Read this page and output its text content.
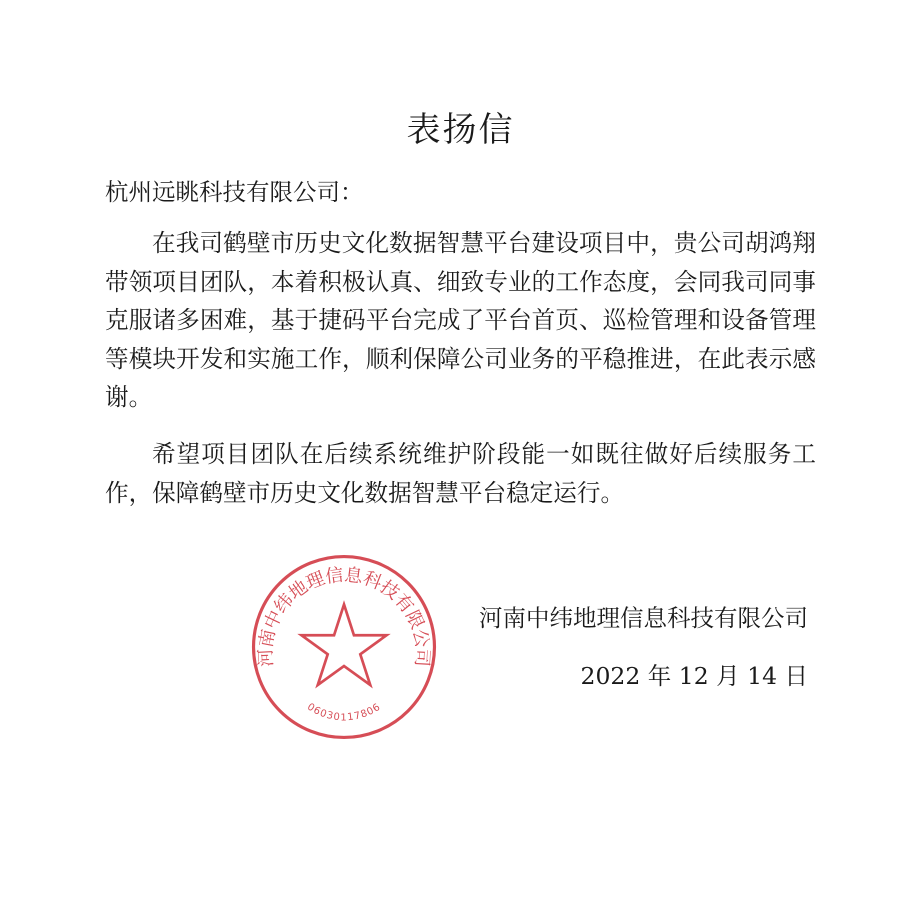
表扬信
杭州远眺科技有限公司：
在我司鹤壁市历史文化数据智慧平台建设项目中，贵公司胡鸿翔带领项目团队，本着积极认真、细致专业的工作态度，会同我司同事克服诸多困难，基于捷码平台完成了平台首页、巡检管理和设备管理等模块开发和实施工作，顺利保障公司业务的平稳推进，在此表示感谢。
希望项目团队在后续系统维护阶段能一如既往做好后续服务工作，保障鹤壁市历史文化数据智慧平台稳定运行。
河南中纬地理信息科技有限公司
06030117806
河南中纬地理信息科技有限公司
2022 年 12 月 14 日
